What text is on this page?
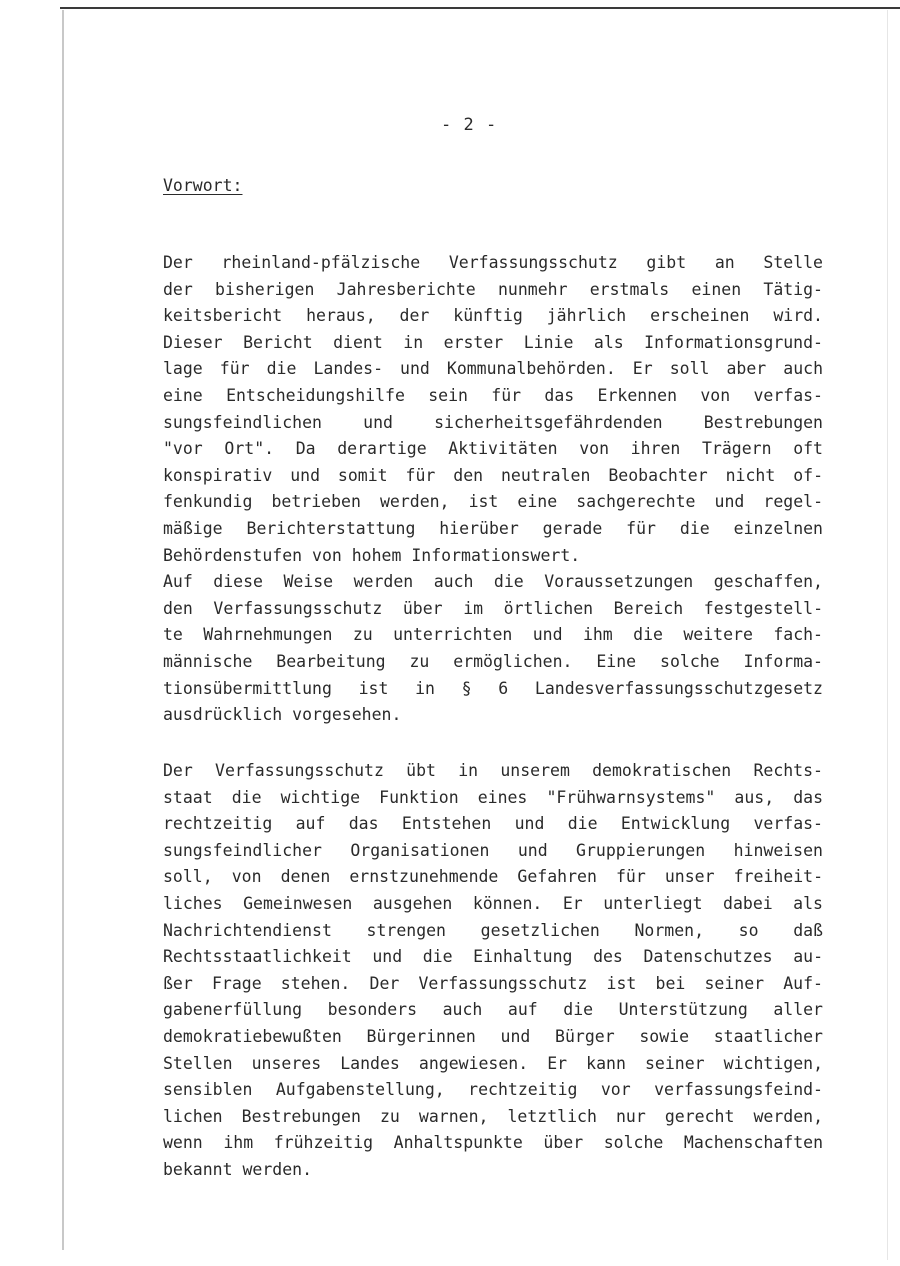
- 2 -
Vorwort:
Der rheinland-pfälzische Verfassungsschutz gibt an Stelle
der bisherigen Jahresberichte nunmehr erstmals einen Tätig-
keitsbericht heraus, der künftig jährlich erscheinen wird.
Dieser Bericht dient in erster Linie als Informationsgrund-
lage für die Landes- und Kommunalbehörden. Er soll aber auch
eine Entscheidungshilfe sein für das Erkennen von verfas-
sungsfeindlichen und sicherheitsgefährdenden Bestrebungen
"vor Ort". Da derartige Aktivitäten von ihren Trägern oft
konspirativ und somit für den neutralen Beobachter nicht of-
fenkundig betrieben werden, ist eine sachgerechte und regel-
mäßige Berichterstattung hierüber gerade für die einzelnen
Behördenstufen von hohem Informationswert.
Auf diese Weise werden auch die Voraussetzungen geschaffen,
den Verfassungsschutz über im örtlichen Bereich festgestell-
te Wahrnehmungen zu unterrichten und ihm die weitere fach-
männische Bearbeitung zu ermöglichen. Eine solche Informa-
tionsübermittlung ist in § 6 Landesverfassungsschutzgesetz
ausdrücklich vorgesehen.
Der Verfassungsschutz übt in unserem demokratischen Rechts-
staat die wichtige Funktion eines "Frühwarnsystems" aus, das
rechtzeitig auf das Entstehen und die Entwicklung verfas-
sungsfeindlicher Organisationen und Gruppierungen hinweisen
soll, von denen ernstzunehmende Gefahren für unser freiheit-
liches Gemeinwesen ausgehen können. Er unterliegt dabei als
Nachrichtendienst strengen gesetzlichen Normen, so daß
Rechtsstaatlichkeit und die Einhaltung des Datenschutzes au-
ßer Frage stehen. Der Verfassungsschutz ist bei seiner Auf-
gabenerfüllung besonders auch auf die Unterstützung aller
demokratiebewußten Bürgerinnen und Bürger sowie staatlicher
Stellen unseres Landes angewiesen. Er kann seiner wichtigen,
sensiblen Aufgabenstellung, rechtzeitig vor verfassungsfeind-
lichen Bestrebungen zu warnen, letztlich nur gerecht werden,
wenn ihm frühzeitig Anhaltspunkte über solche Machenschaften
bekannt werden.
